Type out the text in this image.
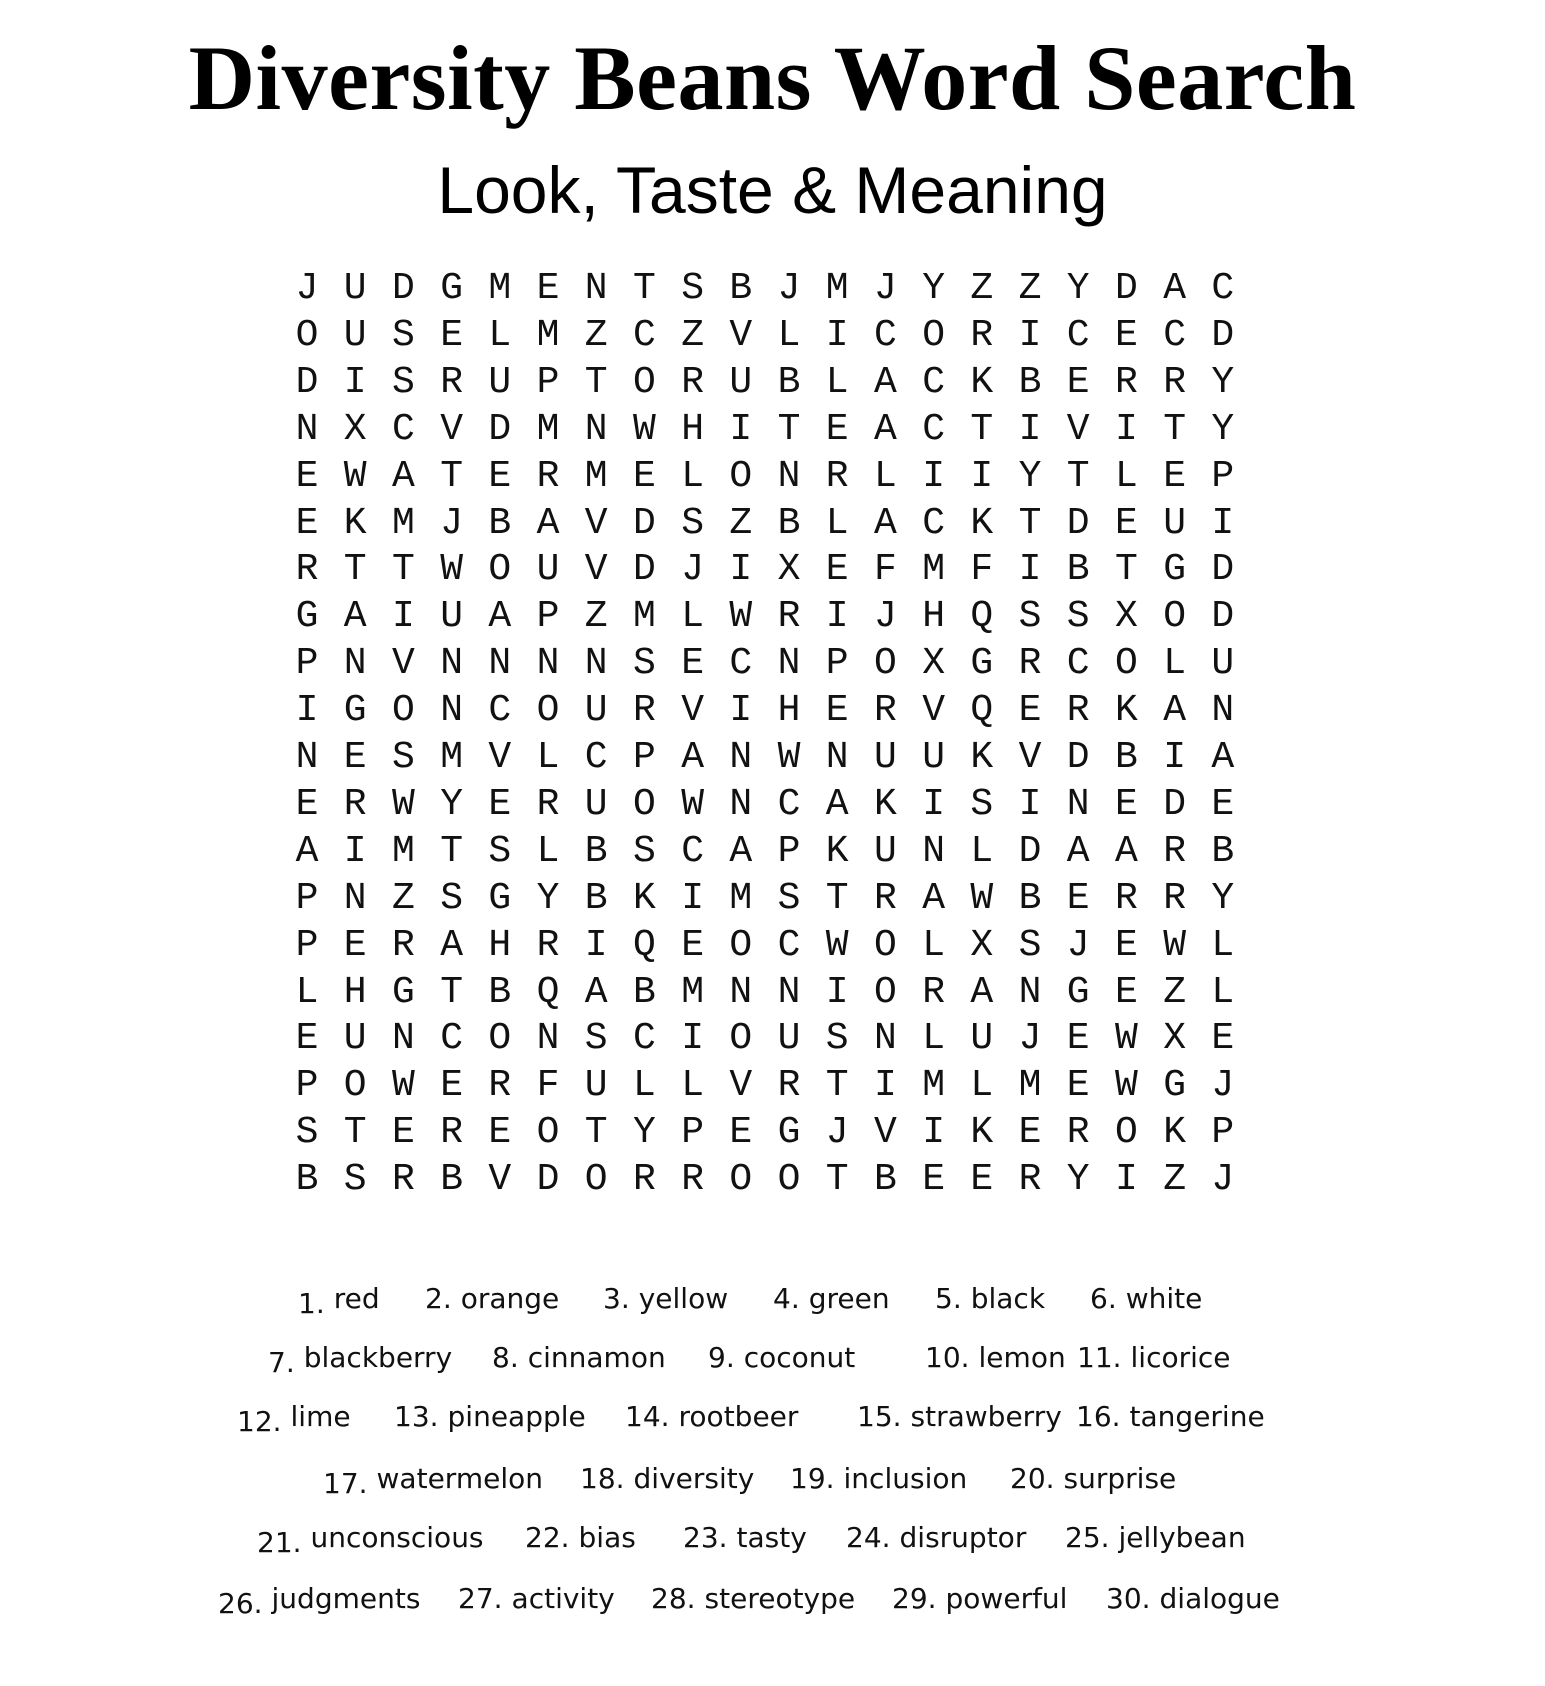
Diversity Beans Word Search
Look, Taste & Meaning
J U D G M E N T S B J M J Y Z Z Y D A C
O U S E L M Z C Z V L I C O R I C E C D
D I S R U P T O R U B L A C K B E R R Y
N X C V D M N W H I T E A C T I V I T Y
E W A T E R M E L O N R L I I Y T L E P
E K M J B A V D S Z B L A C K T D E U I
R T T W O U V D J I X E F M F I B T G D
G A I U A P Z M L W R I J H Q S S X O D
P N V N N N N S E C N P O X G R C O L U
I G O N C O U R V I H E R V Q E R K A N
N E S M V L C P A N W N U U K V D B I A
E R W Y E R U O W N C A K I S I N E D E
A I M T S L B S C A P K U N L D A A R B
P N Z S G Y B K I M S T R A W B E R R Y
P E R A H R I Q E O C W O L X S J E W L
L H G T B Q A B M N N I O R A N G E Z L
E U N C O N S C I O U S N L U J E W X E
P O W E R F U L L V R T I M L M E W G J
S T E R E O T Y P E G J V I K E R O K P
B S R B V D O R R O O T B E E R Y I Z J
1. red 2. orange 3. yellow 4. green 5. black 6. white
7. blackberry 8. cinnamon 9. coconut 10. lemon 11. licorice
12. lime 13. pineapple 14. rootbeer 15. strawberry 16. tangerine
17. watermelon 18. diversity 19. inclusion 20. surprise
21. unconscious 22. bias 23. tasty 24. disruptor 25. jellybean
26. judgments 27. activity 28. stereotype 29. powerful 30. dialogue
